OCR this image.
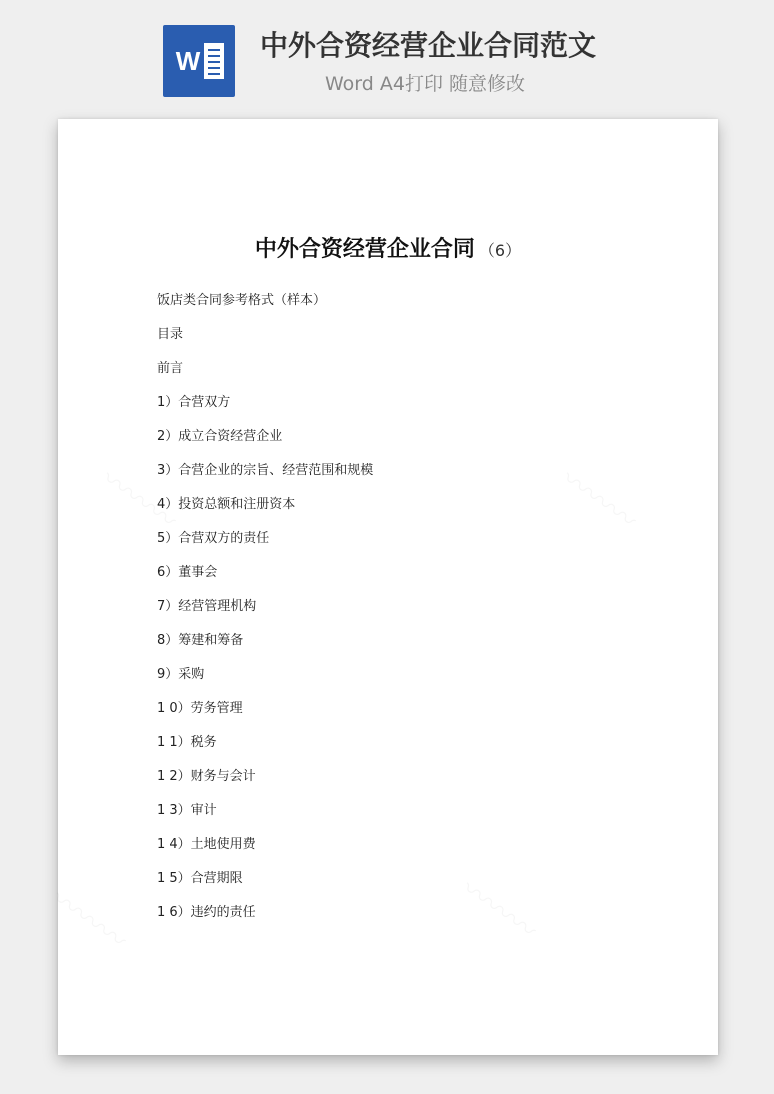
W 中外合资经营企业合同范文
Word A4打印 随意修改
中外合资经营企业合同 （6）
饭店类合同参考格式（样本）
目录
前言
1）合营双方
2）成立合资经营企业
3）合营企业的宗旨、经营范围和规模
4）投资总额和注册资本
5）合营双方的责任
6）董事会
7）经营管理机构
8）筹建和筹备
9）采购
1 0）劳务管理
1 1）税务
1 2）财务与会计
1 3）审计
1 4）土地使用费
1 5）合营期限
1 6）违约的责任
